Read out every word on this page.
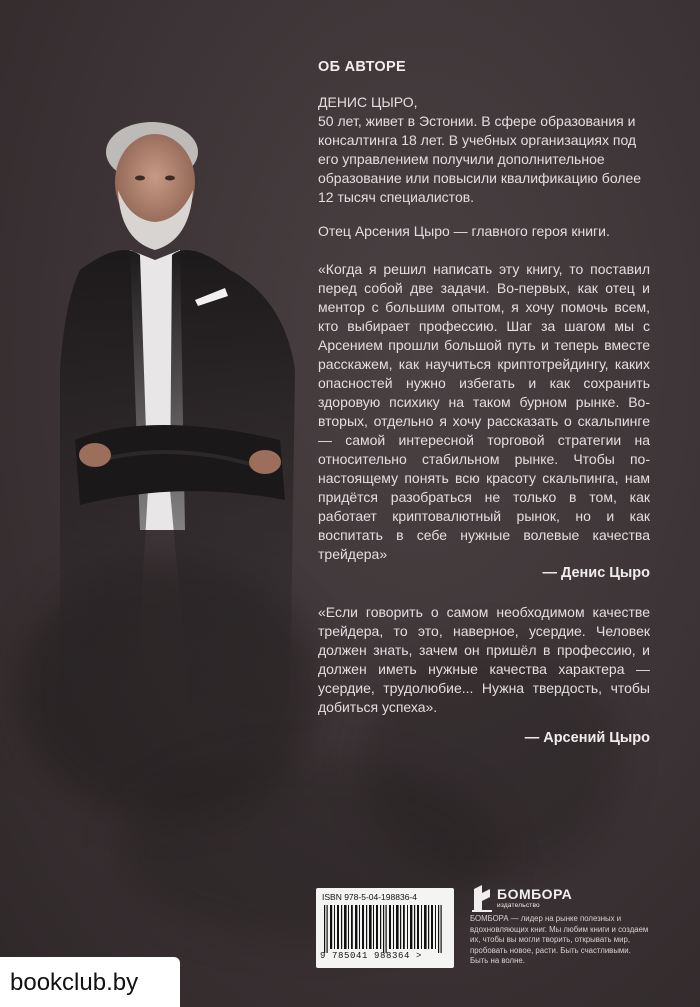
ОБ АВТОРЕ
ДЕНИС ЦЫРО,
50 лет, живет в Эстонии. В сфере образования и консалтинга 18 лет. В учебных организациях под его управлением получили дополнительное образование или повысили квалификацию более 12 тысяч специалистов.
Отец Арсения Цыро — главного героя книги.
«Когда я решил написать эту книгу, то поставил перед собой две задачи. Во-первых, как отец и ментор с большим опытом, я хочу помочь всем, кто выбирает профессию. Шаг за шагом мы с Арсением прошли большой путь и теперь вместе расскажем, как научиться криптотрейдингу, каких опасностей нужно избегать и как сохранить здоровую психику на таком бурном рынке. Во-вторых, отдельно я хочу рассказать о скальпинге — самой интересной торговой стратегии на относительно стабильном рынке. Чтобы по-настоящему понять всю красоту скальпинга, нам придётся разобраться не только в том, как работает криптовалютный рынок, но и как воспитать в себе нужные волевые качества трейдера»
— Денис Цыро
«Если говорить о самом необходимом качестве трейдера, то это, наверное, усердие. Человек должен знать, зачем он пришёл в профессию, и должен иметь нужные качества характера — усердие, трудолюбие... Нужна твердость, чтобы добиться успеха».
— Арсений Цыро
ISBN 978-5-04-198836-4
9 785041 988364 >
БОМБОРА
издательство
БОМБОРА — лидер на рынке полезных и вдохновляющих книг. Мы любим книги и создаем их, чтобы вы могли творить, открывать мир, пробовать новое, расти. Быть счастливыми. Быть на волне.
bookclub.by
